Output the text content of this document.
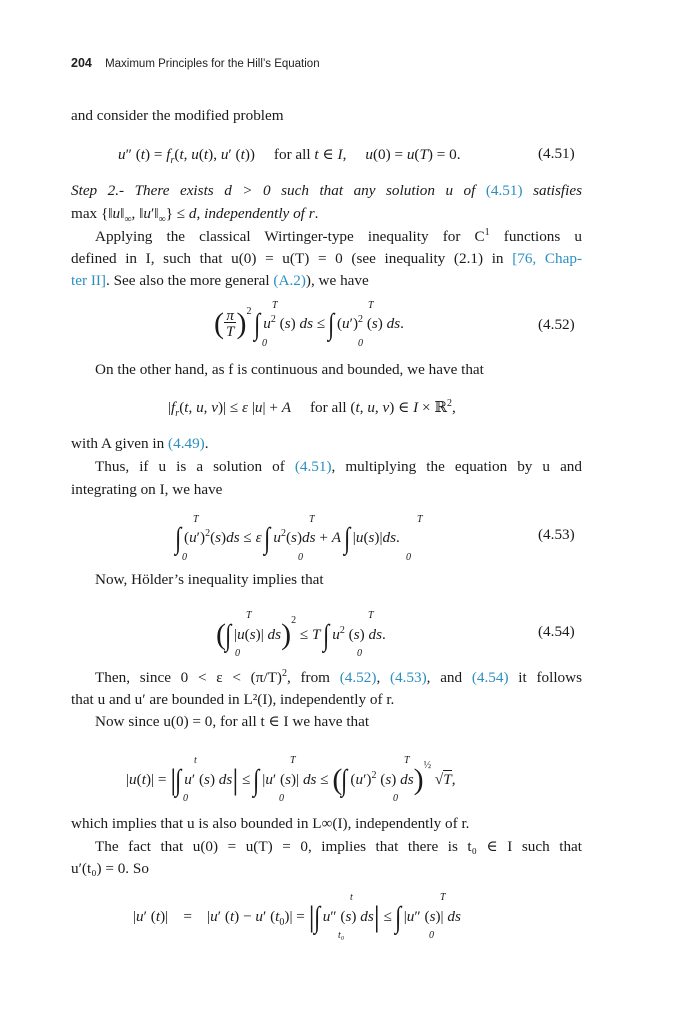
204 Maximum Principles for the Hill’s Equation
and consider the modified problem
u″ $(t) = f_r(t$, u(t), u′ (t))     for all t ∈ I,     u(0) = u(T) = 0.	(4.51)
Step 2.- There exists d > 0 such that any solution u of (4.51) satisfies
$\max \{‖u‖_\infty$, $‖u'‖_\infty\} \le d$, independently of r.
Applying the classical Wirtinger-type inequality for $C^1$ functions u
defined in I, such that u(0) = u(T) = 0 (see inequality (2.1) in [76, Chap-
ter II]. See also the more general (A.2)), we have
$(\frac{\pi}{T})^2$ ∫ $u^2$ (s) ds ≤ ∫ $(u')^2$ (s) ds.
T
0
T
0
(4.52)
On the other hand, as f is continuous and bounded, we have that
$|f_r(t$, u, v)| ≤ ε |u| + A     for all (t, u, v) ∈ I × ℝ$^2$,
with A given in (4.49).
Thus, if u is a solution of (4.51), multiplying the equation by u and
integrating on I, we have
∫ $(u')^2(s)ds \le \varepsilon$ ∫ $u^2(s)ds + A$ ∫ |u(s)|ds.
T
0
T
0
T
0
(4.53)
Now, Hölder’s inequality implies that
(∫ |u(s)| ds)$^2$ ≤ T ∫ $u^2$ (s) ds.
T
0
T
0
(4.54)
Then, since $0 < \varepsilon < (\pi/T)^2$, from (4.52), (4.53), and (4.54) it follows
that u and u′ are bounded in L²(I), independently of r.
Now since u(0) = 0, for all t ∈ I we have that
|u(t)| = |∫ u′ (s) ds| ≤ ∫ |u′ (s)| ds ≤ (∫ $(u')^2$ (s) ds)$^{\frac{1}{2}}$ √T,
t
0
T
0
T
0
which implies that u is also bounded in L∞(I), independently of r.
The fact that u(0) = u(T) = 0, implies that there is t₀ ∈ I such that
u′(t₀) = 0. So
|u′ (t)|    =    |u′ (t) − u′ $(t_0)|$ = |∫ u″ (s) ds| ≤ ∫ |u″ (s)| ds
t
t₀
T
0
